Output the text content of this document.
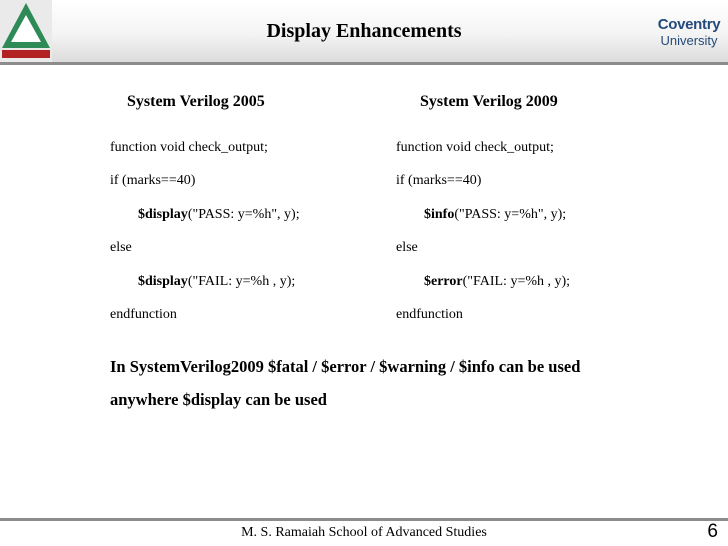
Display Enhancements	Coventry
University
System Verilog 2005	System Verilog 2009
function void check_output;
if (marks==40)
$display("PASS: y=%h", y);
else
$display("FAIL: y=%h , y);
endfunction
function void check_output;
if (marks==40)
$info("PASS: y=%h", y);
else
$error("FAIL: y=%h , y);
endfunction
In SystemVerilog2009 $fatal / $error / $warning / $info can be used
anywhere $display can be used
M. S. Ramaiah School of Advanced Studies	6
